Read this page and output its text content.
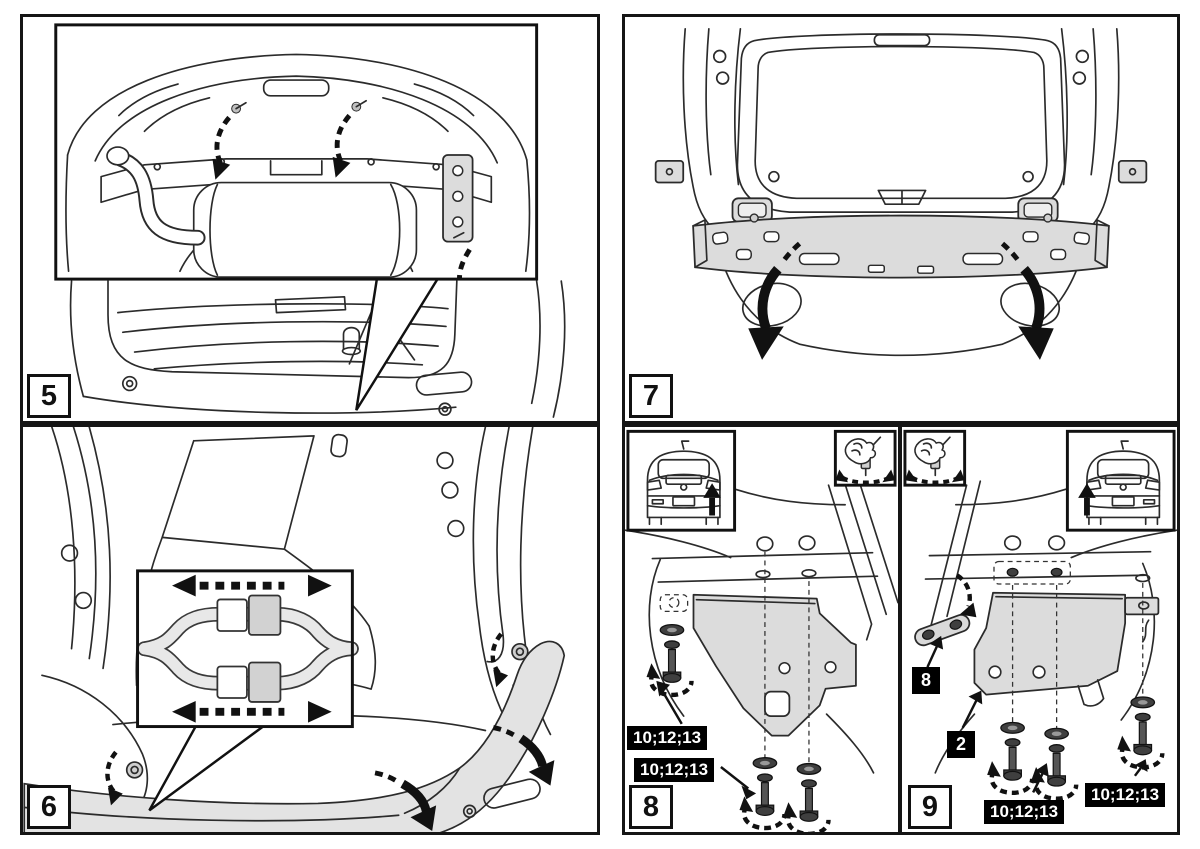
5
6
7
8
10;12;13
10;12;13
9
8
2
10;12;13
10;12;13
